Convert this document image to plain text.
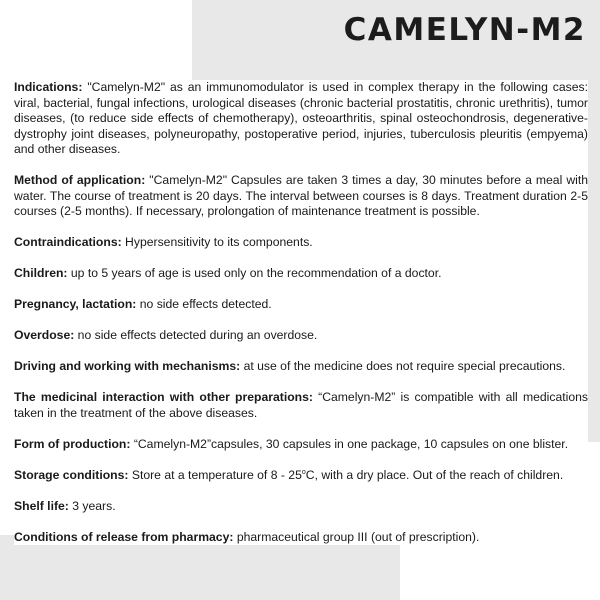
CAMELYN-M2

Indications: "Camelyn-M2" as an immunomodulator is used in complex therapy in the following cases: viral, bacterial, fungal infections, urological diseases (chronic bacterial prostatitis, chronic urethritis), tumor diseases, (to reduce side effects of chemotherapy), osteoarthritis, spinal osteochondrosis, degenerative-dystrophy joint diseases, polyneuropathy, postoperative period, injuries, tuberculosis pleuritis (empyema) and other diseases.

Method of application: "Camelyn-M2" Capsules are taken 3 times a day, 30 minutes before a meal with water. The course of treatment is 20 days. The interval between courses is 8 days. Treatment duration 2-5 courses (2-5 months). If necessary, prolongation of maintenance treatment is possible.

Contraindications: Hypersensitivity to its components.

Children: up to 5 years of age is used only on the recommendation of a doctor.

Pregnancy, lactation: no side effects detected.

Overdose: no side effects detected during an overdose.

Driving and working with mechanisms: at use of the medicine does not require special precautions.

The medicinal interaction with other preparations: “Camelyn-M2” is compatible with all medications taken in the treatment of the above diseases.

Form of production: “Camelyn-M2”capsules, 30 capsules in one package, 10 capsules on one blister.

Storage conditions: Store at a temperature of 8 - 25$^o$C, with a dry place. Out of the reach of children.

Shelf life: 3 years.

Conditions of release from pharmacy: pharmaceutical group III (out of prescription).
